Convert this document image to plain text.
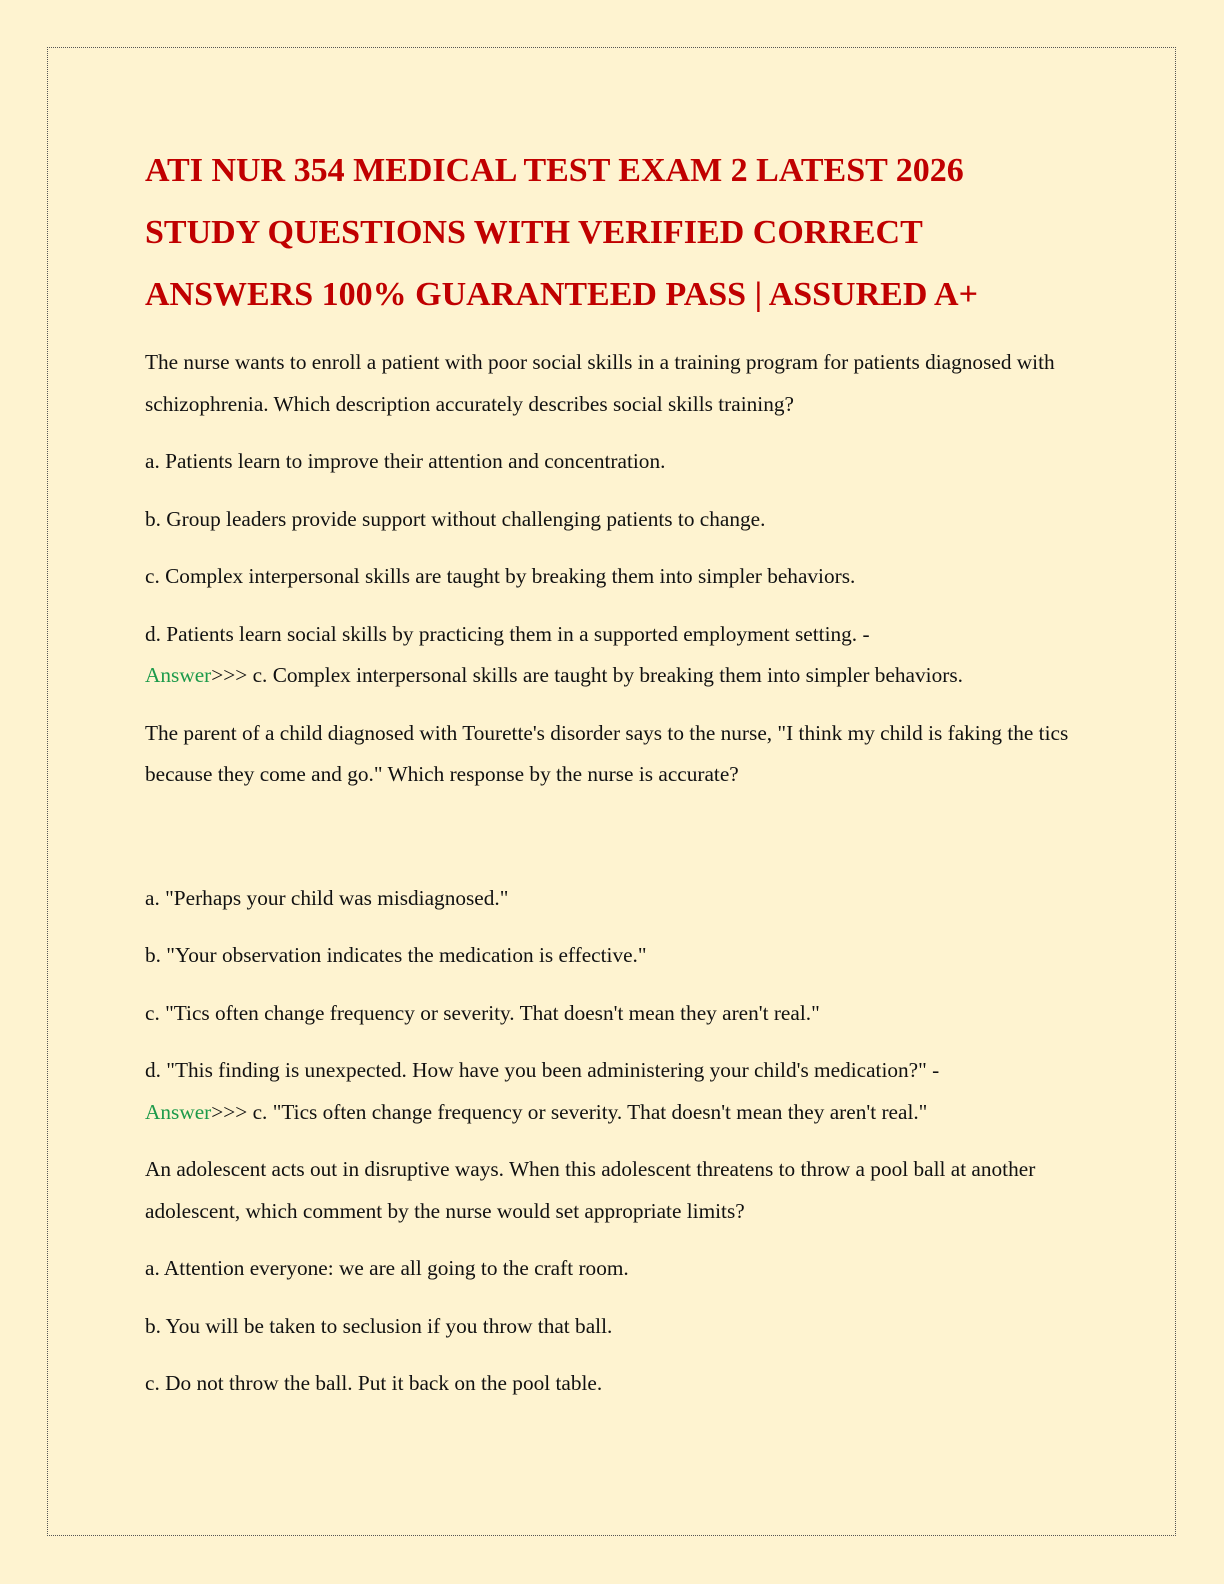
ATI NUR 354 MEDICAL TEST EXAM 2 LATEST 2026 STUDY QUESTIONS WITH VERIFIED CORRECT ANSWERS 100% GUARANTEED PASS | ASSURED A+

The nurse wants to enroll a patient with poor social skills in a training program for patients diagnosed with schizophrenia. Which description accurately describes social skills training?

a. Patients learn to improve their attention and concentration.

b. Group leaders provide support without challenging patients to change.

c. Complex interpersonal skills are taught by breaking them into simpler behaviors.

d. Patients learn social skills by practicing them in a supported employment setting. -
Answer>>> c. Complex interpersonal skills are taught by breaking them into simpler behaviors.

The parent of a child diagnosed with Tourette's disorder says to the nurse, "I think my child is faking the tics because they come and go." Which response by the nurse is accurate?

a. "Perhaps your child was misdiagnosed."

b. "Your observation indicates the medication is effective."

c. "Tics often change frequency or severity. That doesn't mean they aren't real."

d. "This finding is unexpected. How have you been administering your child's medication?" -
Answer>>> c. "Tics often change frequency or severity. That doesn't mean they aren't real."

An adolescent acts out in disruptive ways. When this adolescent threatens to throw a pool ball at another adolescent, which comment by the nurse would set appropriate limits?

a. Attention everyone: we are all going to the craft room.

b. You will be taken to seclusion if you throw that ball.

c. Do not throw the ball. Put it back on the pool table.
